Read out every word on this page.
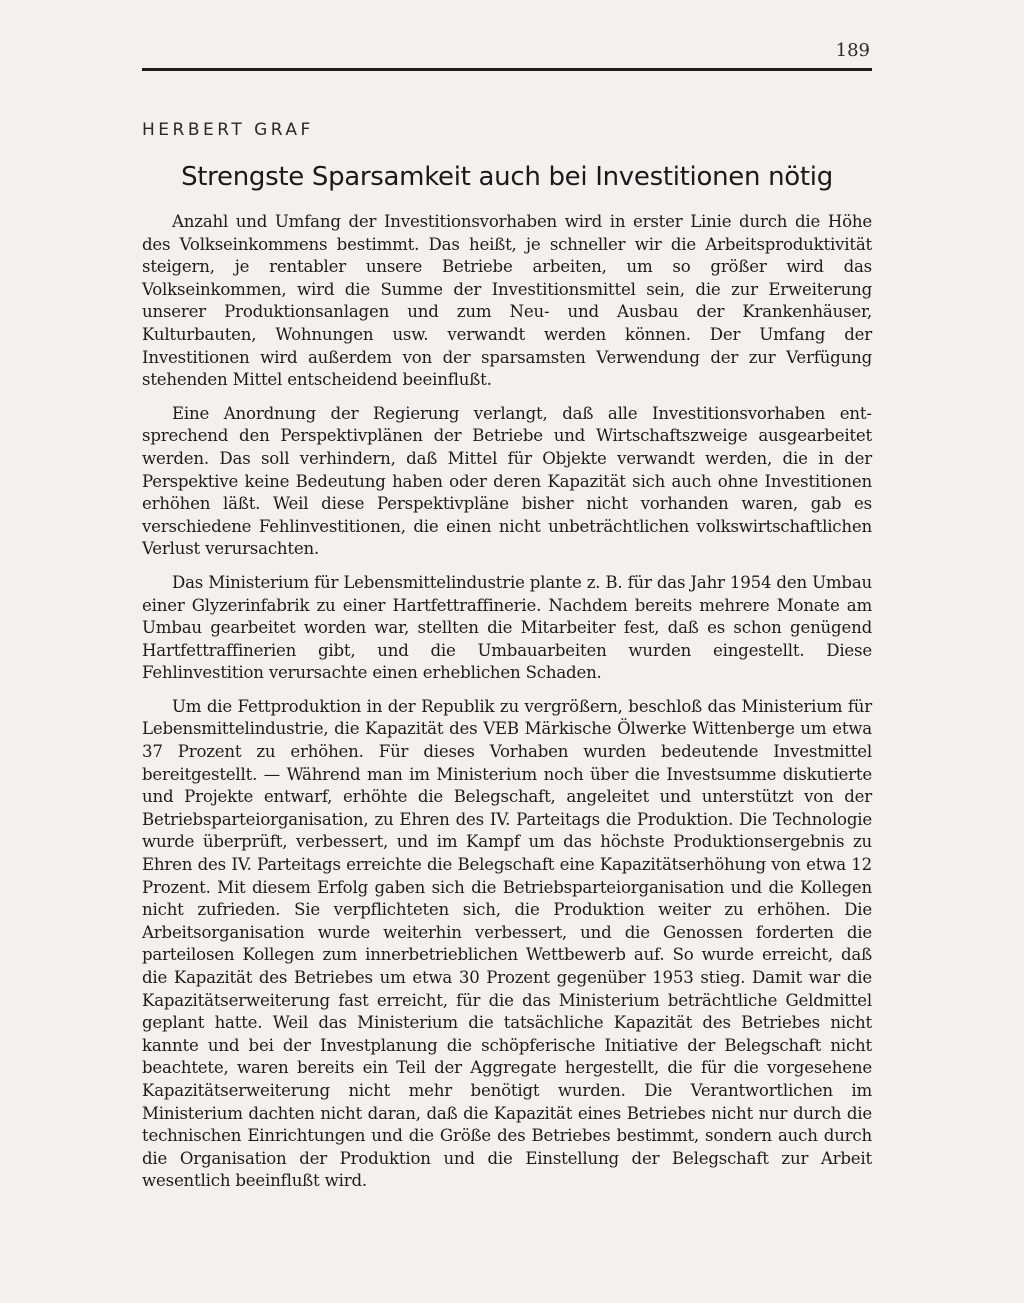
189
HERBERT GRAF
Strengste Sparsamkeit auch bei Investitionen nötig

Anzahl und Umfang der Investitionsvorhaben wird in erster Linie durch die Höhe des Volkseinkommens bestimmt. Das heißt, je schneller wir die Arbeitsproduktivität steigern, je rentabler unsere Betriebe arbeiten, um so größer wird das Volkseinkommen, wird die Summe der Investitionsmittel sein, die zur Erweiterung unserer Produktionsanlagen und zum Neu- und Ausbau der Krankenhäuser, Kulturbauten, Wohnungen usw. verwandt werden können. Der Umfang der Investitionen wird außerdem von der sparsamsten Verwendung der zur Verfügung stehenden Mittel entscheidend beeinflußt.

Eine Anordnung der Regierung verlangt, daß alle Investitionsvorhaben entsprechend den Perspektivplänen der Betriebe und Wirtschaftszweige ausgearbeitet werden. Das soll verhindern, daß Mittel für Objekte verwandt werden, die in der Perspektive keine Bedeutung haben oder deren Kapazität sich auch ohne Investitionen erhöhen läßt. Weil diese Perspektivpläne bisher nicht vorhanden waren, gab es verschiedene Fehlinvestitionen, die einen nicht unbeträchtlichen volkswirtschaftlichen Verlust verursachten.

Das Ministerium für Lebensmittelindustrie plante z. B. für das Jahr 1954 den Umbau einer Glyzerinfabrik zu einer Hartfettraffinerie. Nachdem bereits mehrere Monate am Umbau gearbeitet worden war, stellten die Mitarbeiter fest, daß es schon genügend Hartfettraffinerien gibt, und die Umbauarbeiten wurden eingestellt. Diese Fehlinvestition verursachte einen erheblichen Schaden.

Um die Fettproduktion in der Republik zu vergrößern, beschloß das Ministerium für Lebensmittelindustrie, die Kapazität des VEB Märkische Ölwerke Wittenberge um etwa 37 Prozent zu erhöhen. Für dieses Vorhaben wurden bedeutende Investmittel bereitgestellt. — Während man im Ministerium noch über die Investsumme diskutierte und Projekte entwarf, erhöhte die Belegschaft, angeleitet und unterstützt von der Betriebsparteiorganisation, zu Ehren des IV. Parteitags die Produktion. Die Technologie wurde überprüft, verbessert, und im Kampf um das höchste Produktionsergebnis zu Ehren des IV. Parteitags erreichte die Belegschaft eine Kapazitätserhöhung von etwa 12 Prozent. Mit diesem Erfolg gaben sich die Betriebsparteiorganisation und die Kollegen nicht zufrieden. Sie verpflichteten sich, die Produktion weiter zu erhöhen. Die Arbeitsorganisation wurde weiterhin verbessert, und die Genossen forderten die parteilosen Kollegen zum innerbetrieblichen Wettbewerb auf. So wurde erreicht, daß die Kapazität des Betriebes um etwa 30 Prozent gegenüber 1953 stieg. Damit war die Kapazitätserweiterung fast erreicht, für die das Ministerium beträchtliche Geldmittel geplant hatte. Weil das Ministerium die tatsächliche Kapazität des Betriebes nicht kannte und bei der Investplanung die schöpferische Initiative der Belegschaft nicht beachtete, waren bereits ein Teil der Aggregate hergestellt, die für die vorgesehene Kapazitätserweiterung nicht mehr benötigt wurden. Die Verantwortlichen im Ministerium dachten nicht daran, daß die Kapazität eines Betriebes nicht nur durch die technischen Einrichtungen und die Größe des Betriebes bestimmt, sondern auch durch die Organisation der Produktion und die Einstellung der Belegschaft zur Arbeit wesentlich beeinflußt wird.
